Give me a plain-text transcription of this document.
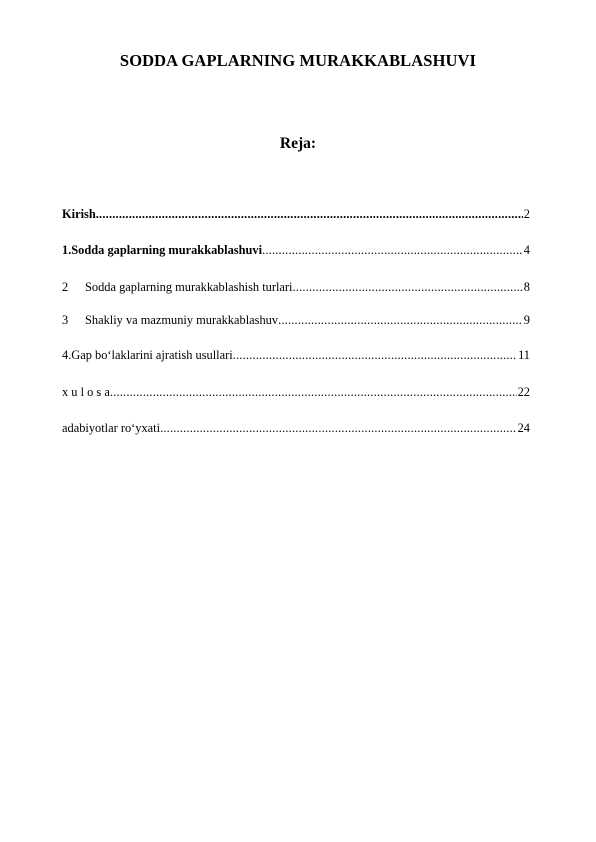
SODDA GAPLARNING MURAKKABLASHUVI
Reja:
Kirish .....	2
1.Sodda gaplarning murakkablashuvi .....	4
2	Sodda gaplarning murakkablashish turlari .....	8
3	Shakliy va mazmuniy murakkablashuv .....	9
4.Gap bo‘laklarini ajratish usullari .....	11
x u l o s a .....	22
adabiyotlar ro‘yxati .....	24
